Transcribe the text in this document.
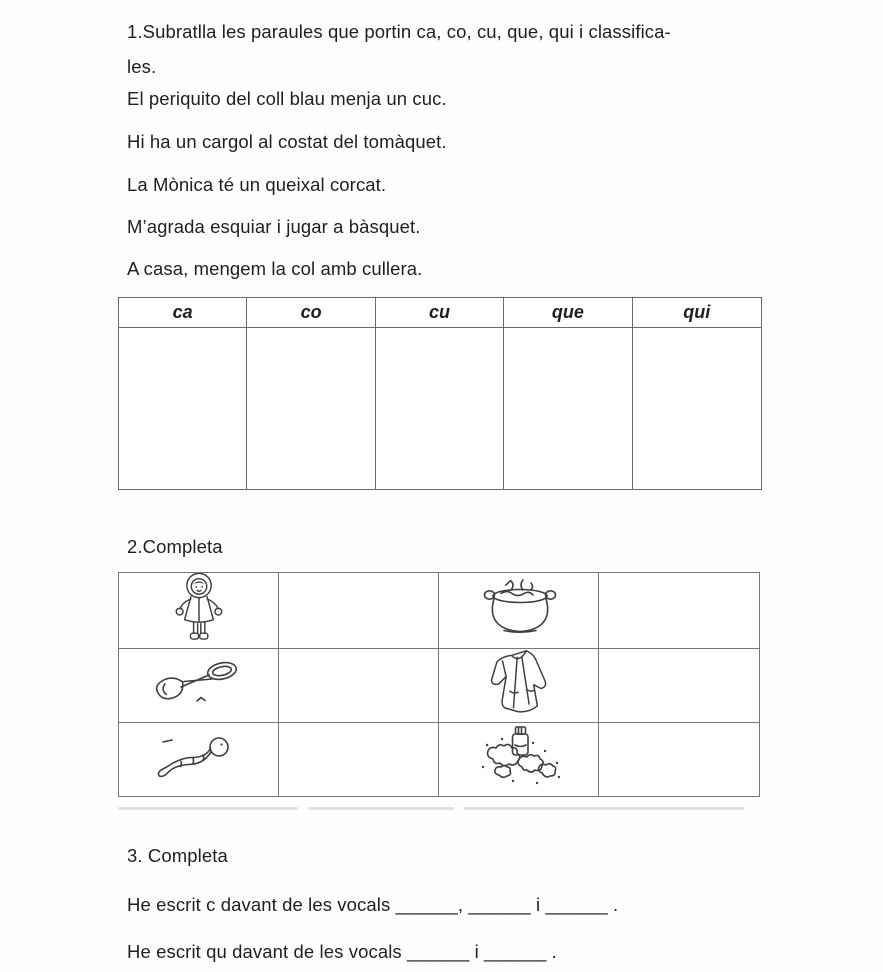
1.Subratlla les paraules que portin ca, co, cu, que, qui i classifica-
les.
El periquito del coll blau menja un cuc.
Hi ha un cargol al costat del tomàquet.
La Mònica té un queixal corcat.
M’agrada esquiar i jugar a bàsquet.
A casa, mengem la col amb cullera.
ca	co	cu	que	qui
2.Completa
3. Completa
He escrit c davant de les vocals ______, ______ i ______ .
He escrit qu davant de les vocals ______ i ______ .
